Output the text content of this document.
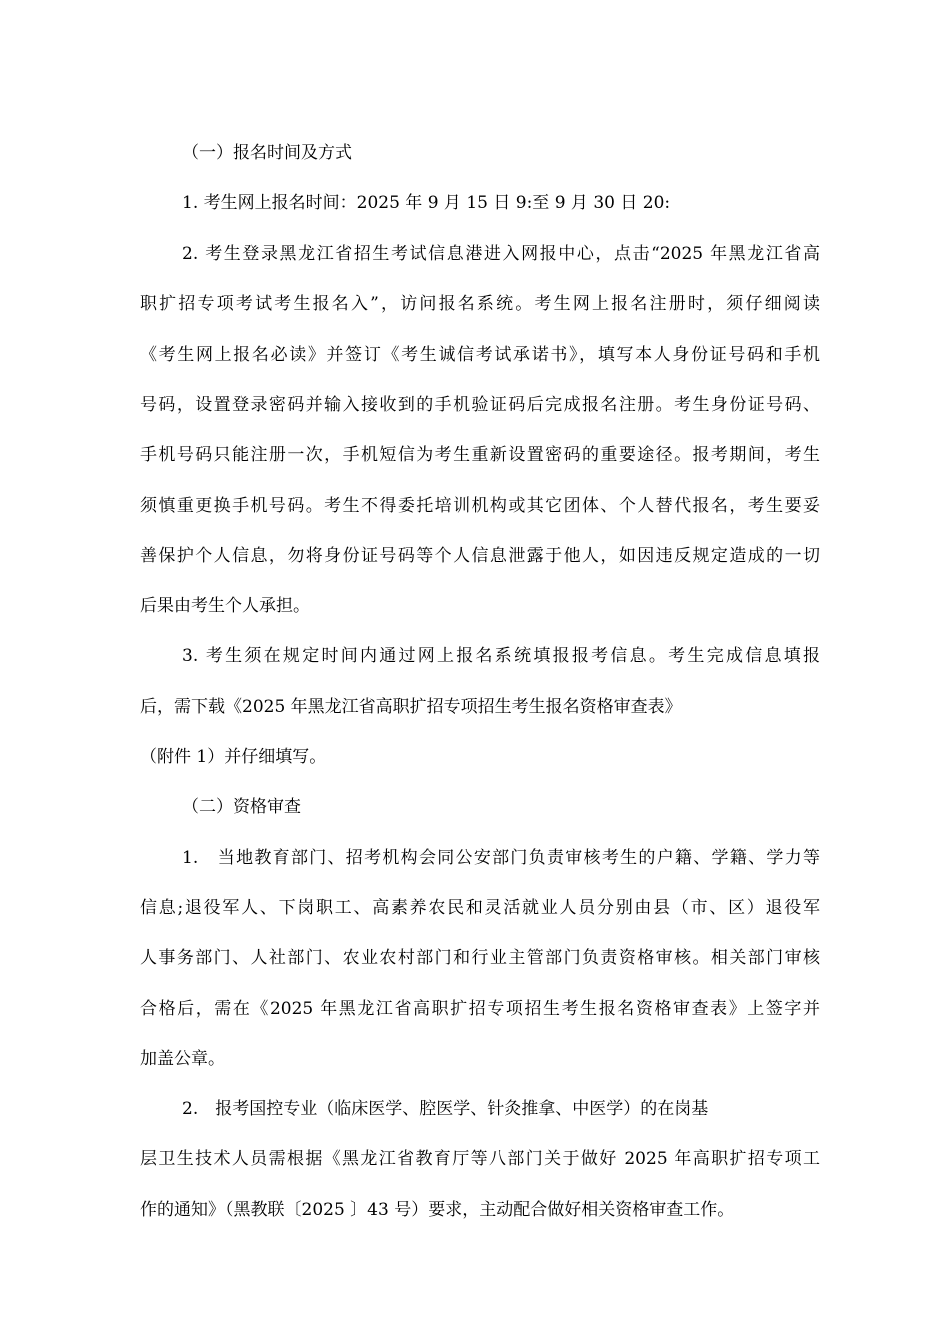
（一）报名时间及方式
1. 考生网上报名时间：2025 年 9 月 15 日 9:至 9 月 30 日 20:
2. 考生登录黑龙江省招生考试信息港进入网报中心，点击“2025 年黑龙江省高
职扩招专项考试考生报名入”，访问报名系统。考生网上报名注册时，须仔细阅读
《考生网上报名必读》并签订《考生诚信考试承诺书》，填写本人身份证号码和手机
号码，设置登录密码并输入接收到的手机验证码后完成报名注册。考生身份证号码、
手机号码只能注册一次，手机短信为考生重新设置密码的重要途径。报考期间，考生
须慎重更换手机号码。考生不得委托培训机构或其它团体、个人替代报名，考生要妥
善保护个人信息，勿将身份证号码等个人信息泄露于他人，如因违反规定造成的一切
后果由考生个人承担。
3. 考生须在规定时间内通过网上报名系统填报报考信息。考生完成信息填报
后，需下载《2025 年黑龙江省高职扩招专项招生考生报名资格审查表》
（附件 1）并仔细填写。
（二）资格审查
1.　当地教育部门、招考机构会同公安部门负责审核考生的户籍、学籍、学力等
信息;退役军人、下岗职工、高素养农民和灵活就业人员分别由县（市、区）退役军
人事务部门、人社部门、农业农村部门和行业主管部门负责资格审核。相关部门审核
合格后，需在《2025 年黑龙江省高职扩招专项招生考生报名资格审查表》上签字并
加盖公章。
2.　报考国控专业（临床医学、腔医学、针灸推拿、中医学）的在岗基
层卫生技术人员需根据《黑龙江省教育厅等八部门关于做好 2025 年高职扩招专项工
作的通知》（黑教联〔2025 〕43 号）要求，主动配合做好相关资格审查工作。
